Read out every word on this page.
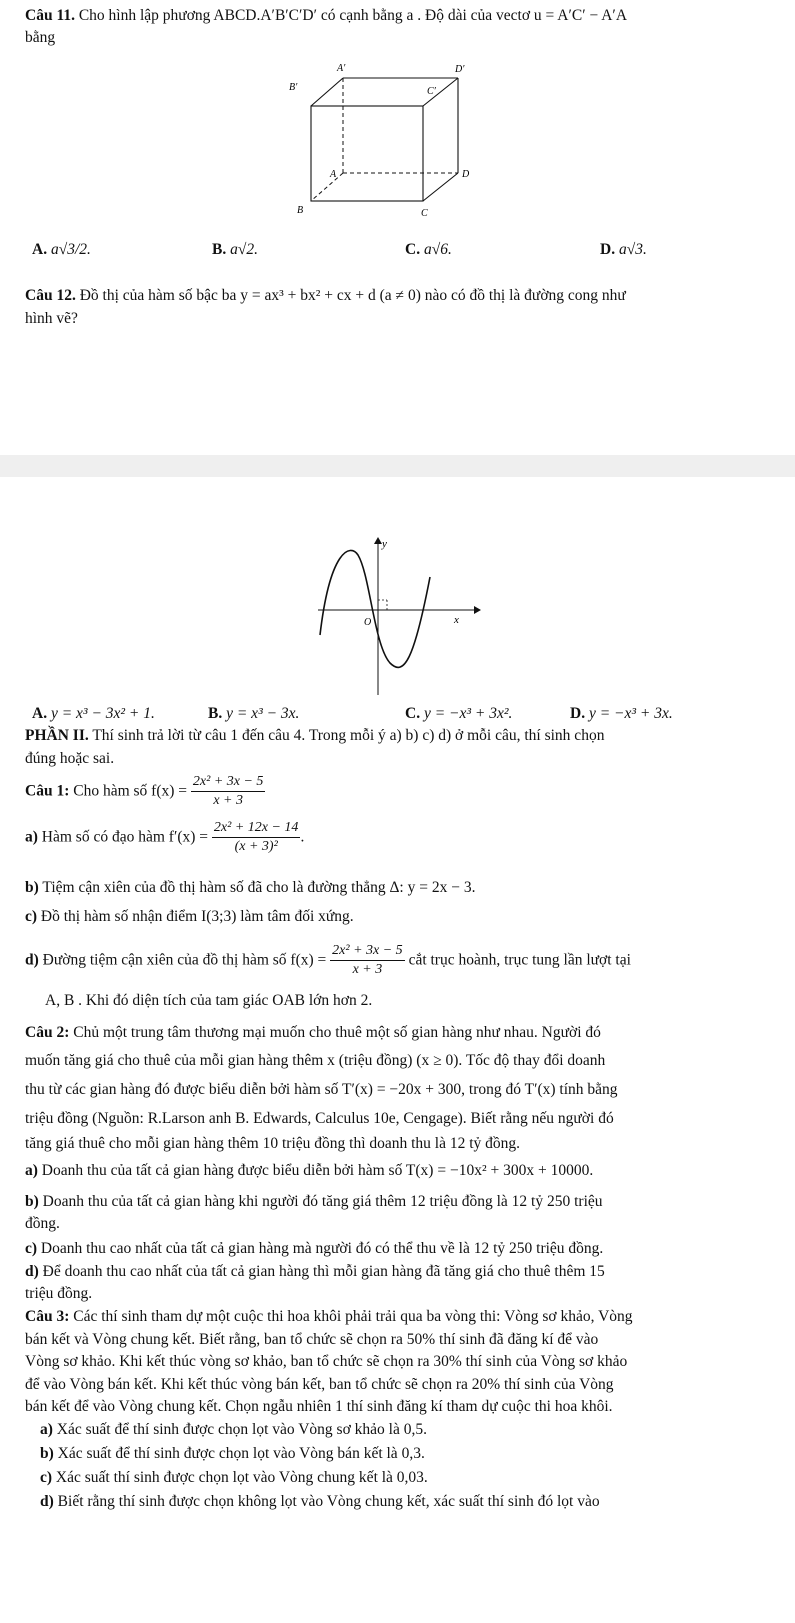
Câu 11. Cho hình lập phương ABCD.A′B′C′D′ có cạnh bằng a . Độ dài của vectơ u = A′C′ − A′A
bằng
A′	D′
B′	C′
A	D
B	C
A. a√3/2.	B. a√2.	C. a√6.	D. a√3.
Câu 12. Đồ thị của hàm số bậc ba y = ax³ + bx² + cx + d (a ≠ 0) nào có đồ thị là đường cong như
hình vẽ?
y
x
O
A. y = x³ − 3x² + 1.	B. y = x³ − 3x.	C. y = −x³ + 3x².	D. y = −x³ + 3x.
PHẦN II. Thí sinh trả lời từ câu 1 đến câu 4. Trong mỗi ý a) b) c) d) ở mỗi câu, thí sinh chọn
đúng hoặc sai.
Câu 1: Cho hàm số $f(x) = \frac{\text{2x² + 3x − 5}}{x + 3}$
a) Hàm số có đạo hàm $f'(x) = \frac{\text{2x² + 12x − 14}}{\text{(x + 3)²}}$ .
b) Tiệm cận xiên của đồ thị hàm số đã cho là đường thẳng Δ: y = 2x − 3.
c) Đồ thị hàm số nhận điểm I(3;3) làm tâm đối xứng.
d) Đường tiệm cận xiên của đồ thị hàm số $f(x) = \frac{\text{2x² + 3x − 5}}{x + 3}$ cắt trục hoành, trục tung lần lượt tại
A, B . Khi đó diện tích của tam giác OAB lớn hơn 2.
Câu 2: Chủ một trung tâm thương mại muốn cho thuê một số gian hàng như nhau. Người đó
muốn tăng giá cho thuê của mỗi gian hàng thêm x (triệu đồng) (x ≥ 0). Tốc độ thay đổi doanh
thu từ các gian hàng đó được biểu diễn bởi hàm số T′(x) = −20x + 300, trong đó T′(x) tính bằng
triệu đồng (Nguồn: R.Larson anh B. Edwards, Calculus 10e, Cengage). Biết rằng nếu người đó
tăng giá thuê cho mỗi gian hàng thêm 10 triệu đồng thì doanh thu là 12 tỷ đồng.
a) Doanh thu của tất cả gian hàng được biểu diễn bởi hàm số T(x) = −10x² + 300x + 10000.
b) Doanh thu của tất cả gian hàng khi người đó tăng giá thêm 12 triệu đồng là 12 tỷ 250 triệu
đồng.
c) Doanh thu cao nhất của tất cả gian hàng mà người đó có thể thu về là 12 tỷ 250 triệu đồng.
d) Để doanh thu cao nhất của tất cả gian hàng thì mỗi gian hàng đã tăng giá cho thuê thêm 15
triệu đồng.
Câu 3: Các thí sinh tham dự một cuộc thi hoa khôi phải trải qua ba vòng thi: Vòng sơ khảo, Vòng
bán kết và Vòng chung kết. Biết rằng, ban tổ chức sẽ chọn ra 50% thí sinh đã đăng kí để vào
Vòng sơ khảo. Khi kết thúc vòng sơ khảo, ban tổ chức sẽ chọn ra 30% thí sinh của Vòng sơ khảo
để vào Vòng bán kết. Khi kết thúc vòng bán kết, ban tổ chức sẽ chọn ra 20% thí sinh của Vòng
bán kết để vào Vòng chung kết. Chọn ngẫu nhiên 1 thí sinh đăng kí tham dự cuộc thi hoa khôi.
a) Xác suất để thí sinh được chọn lọt vào Vòng sơ khảo là 0,5.
b) Xác suất để thí sinh được chọn lọt vào Vòng bán kết là 0,3.
c) Xác suất thí sinh được chọn lọt vào Vòng chung kết là 0,03.
d) Biết rằng thí sinh được chọn không lọt vào Vòng chung kết, xác suất thí sinh đó lọt vào
